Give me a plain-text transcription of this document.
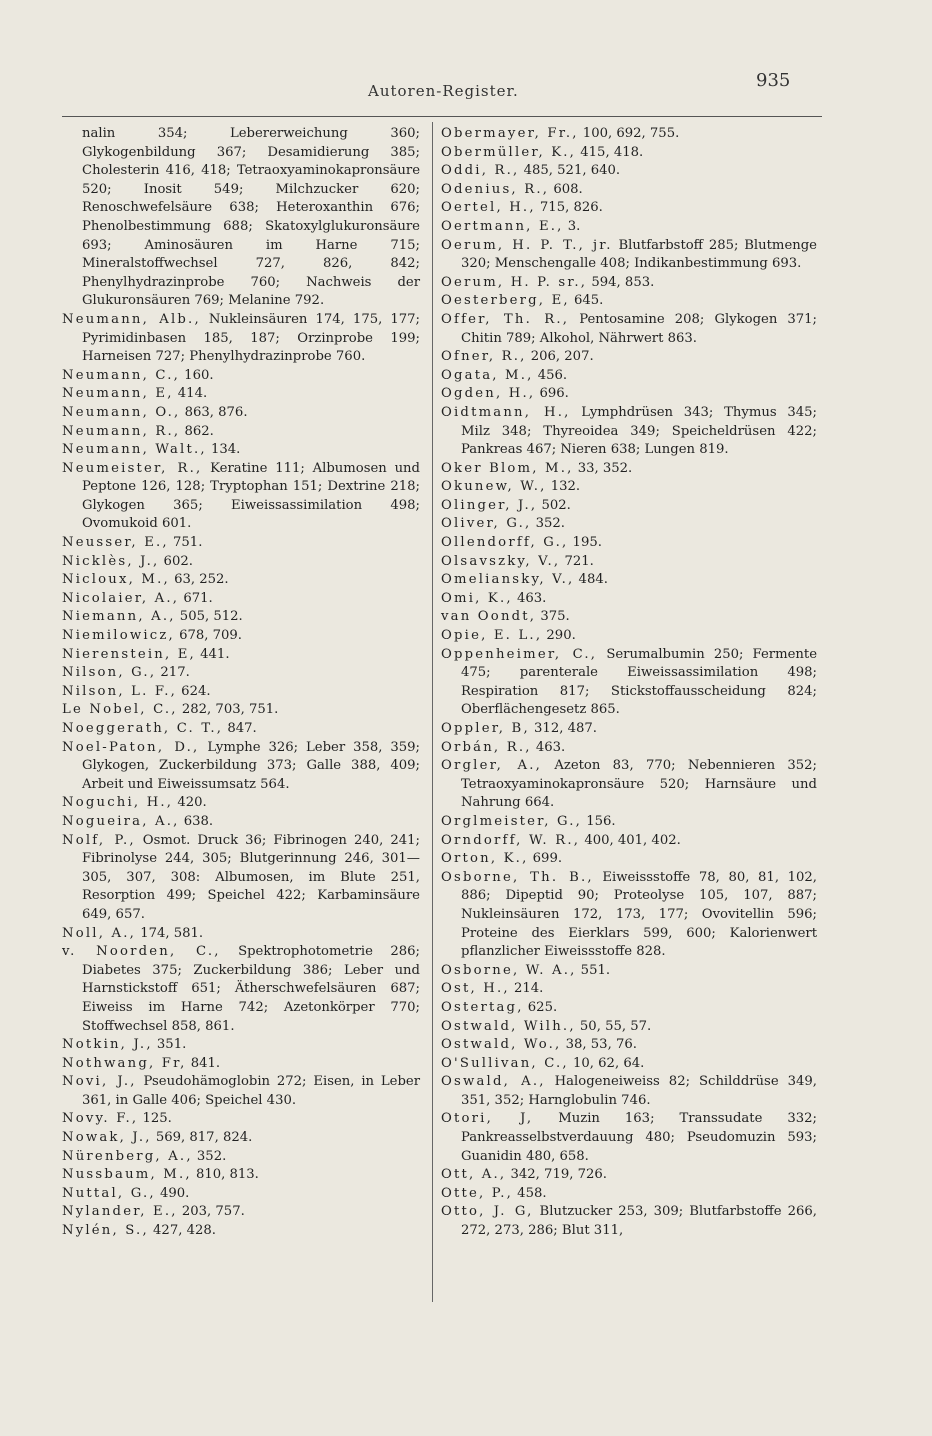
Autoren-Register.	935

nalin 354; Lebererweichung 360; Glykogenbildung 367; Desamidierung 385; Cholesterin 416, 418; Tetraoxyaminokapronsäure 520; Inosit 549; Milchzucker 620; Renoschwefelsäure 638; Heteroxanthin 676; Phenolbestimmung 688; Skatoxylglukuronsäure 693; Aminosäuren im Harne 715; Mineralstoffwechsel 727, 826, 842; Phenylhydrazinprobe 760; Nachweis der Glukuronsäuren 769; Melanine 792.

Neumann, Alb., Nukleinsäuren 174, 175, 177; Pyrimidinbasen 185, 187; Orzinprobe 199; Harneisen 727; Phenylhydrazinprobe 760.

Neumann, C., 160.

Neumann, E, 414.

Neumann, O., 863, 876.

Neumann, R., 862.

Neumann, Walt., 134.

Neumeister, R., Keratine 111; Albumosen und Peptone 126, 128; Tryptophan 151; Dextrine 218; Glykogen 365; Eiweissassimilation 498; Ovomukoid 601.

Neusser, E., 751.

Nicklès, J., 602.

Nicloux, M., 63, 252.

Nicolaier, A., 671.

Niemann, A., 505, 512.

Niemilowicz, 678, 709.

Nierenstein, E, 441.

Nilson, G., 217.

Nilson, L. F., 624.

Le Nobel, C., 282, 703, 751.

Noeggerath, C. T., 847.

Noel-Paton, D., Lymphe 326; Leber 358, 359; Glykogen, Zuckerbildung 373; Galle 388, 409; Arbeit und Eiweissumsatz 564.

Noguchi, H., 420.

Nogueira, A., 638.

Nolf, P., Osmot. Druck 36; Fibrinogen 240, 241; Fibrinolyse 244, 305; Blutgerinnung 246, 301—305, 307, 308: Albumosen, im Blute 251, Resorption 499; Speichel 422; Karbaminsäure 649, 657.

Noll, A., 174, 581.

v. Noorden, C., Spektrophotometrie 286; Diabetes 375; Zuckerbildung 386; Leber und Harnstickstoff 651; Ätherschwefelsäuren 687; Eiweiss im Harne 742; Azetonkörper 770; Stoffwechsel 858, 861.

Notkin, J., 351.

Nothwang, Fr, 841.

Novi, J., Pseudohämoglobin 272; Eisen, in Leber 361, in Galle 406; Speichel 430.

Novy. F., 125.

Nowak, J., 569, 817, 824.

Nürenberg, A., 352.

Nussbaum, M., 810, 813.

Nuttal, G., 490.

Nylander, E., 203, 757.

Nylén, S., 427, 428.

Obermayer, Fr., 100, 692, 755.

Obermüller, K., 415, 418.

Oddi, R., 485, 521, 640.

Odenius, R., 608.

Oertel, H., 715, 826.

Oertmann, E., 3.

Oerum, H. P. T., jr. Blutfarbstoff 285; Blutmenge 320; Menschengalle 408; Indikanbestimmung 693.

Oerum, H. P. sr., 594, 853.

Oesterberg, E, 645.

Offer, Th. R., Pentosamine 208; Glykogen 371; Chitin 789; Alkohol, Nährwert 863.

Ofner, R., 206, 207.

Ogata, M., 456.

Ogden, H., 696.

Oidtmann, H., Lymphdrüsen 343; Thymus 345; Milz 348; Thyreoidea 349; Speicheldrüsen 422; Pankreas 467; Nieren 638; Lungen 819.

Oker Blom, M., 33, 352.

Okunew, W., 132.

Olinger, J., 502.

Oliver, G., 352.

Ollendorff, G., 195.

Olsavszky, V., 721.

Omeliansky, V., 484.

Omi, K., 463.

van Oondt, 375.

Opie, E. L., 290.

Oppenheimer, C., Serumalbumin 250; Fermente 475; parenterale Eiweissassimilation 498; Respiration 817; Stickstoffausscheidung 824; Oberflächengesetz 865.

Oppler, B, 312, 487.

Orbán, R., 463.

Orgler, A., Azeton 83, 770; Nebennieren 352; Tetraoxyaminokapronsäure 520; Harnsäure und Nahrung 664.

Orglmeister, G., 156.

Orndorff, W. R., 400, 401, 402.

Orton, K., 699.

Osborne, Th. B., Eiweissstoffe 78, 80, 81, 102, 886; Dipeptid 90; Proteolyse 105, 107, 887; Nukleinsäuren 172, 173, 177; Ovovitellin 596; Proteine des Eierklars 599, 600; Kalorienwert pflanzlicher Eiweissstoffe 828.

Osborne, W. A., 551.

Ost, H., 214.

Ostertag, 625.

Ostwald, Wilh., 50, 55, 57.

Ostwald, Wo., 38, 53, 76.

O'Sullivan, C., 10, 62, 64.

Oswald, A., Halogeneiweiss 82; Schilddrüse 349, 351, 352; Harnglobulin 746.

Otori, J, Muzin 163; Transsudate 332; Pankreasselbstverdauung 480; Pseudomuzin 593; Guanidin 480, 658.

Ott, A., 342, 719, 726.

Otte, P., 458.

Otto, J. G, Blutzucker 253, 309; Blutfarbstoffe 266, 272, 273, 286; Blut 311,
